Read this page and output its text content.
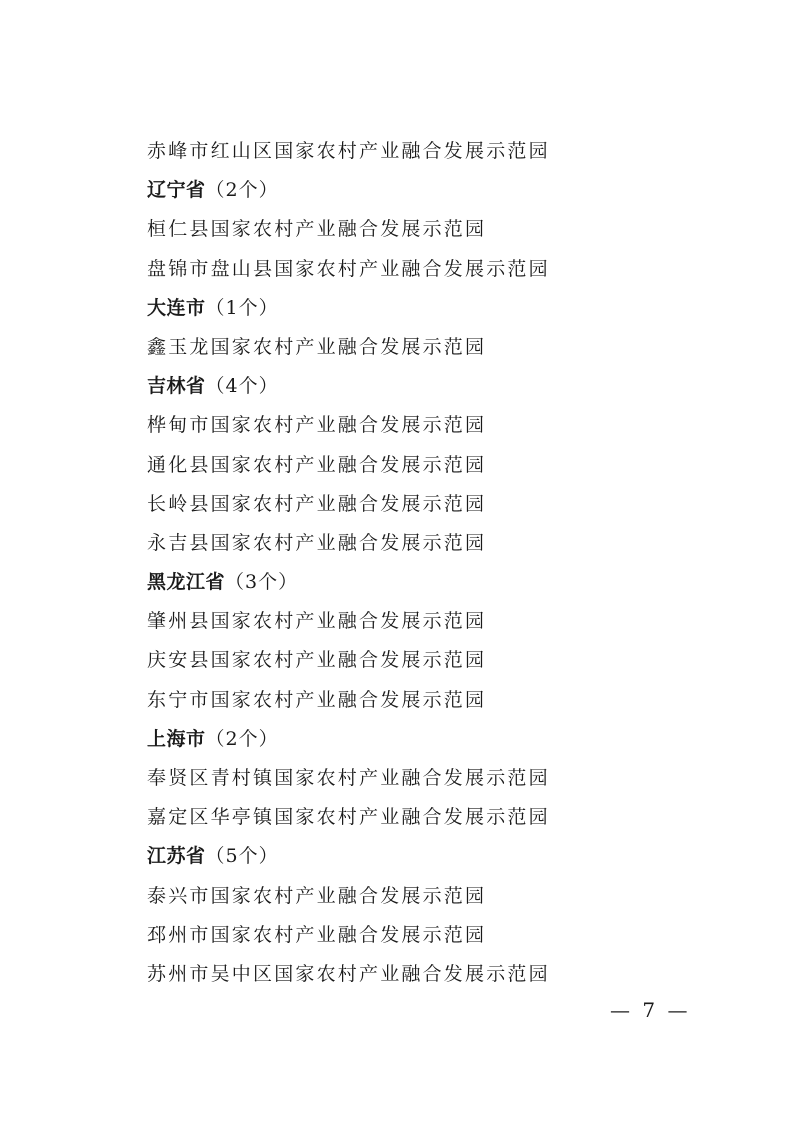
赤峰市红山区国家农村产业融合发展示范园
辽宁省（2个）
桓仁县国家农村产业融合发展示范园
盘锦市盘山县国家农村产业融合发展示范园
大连市（1个）
鑫玉龙国家农村产业融合发展示范园
吉林省（4个）
桦甸市国家农村产业融合发展示范园
通化县国家农村产业融合发展示范园
长岭县国家农村产业融合发展示范园
永吉县国家农村产业融合发展示范园
黑龙江省（3个）
肇州县国家农村产业融合发展示范园
庆安县国家农村产业融合发展示范园
东宁市国家农村产业融合发展示范园
上海市（2个）
奉贤区青村镇国家农村产业融合发展示范园
嘉定区华亭镇国家农村产业融合发展示范园
江苏省（5个）
泰兴市国家农村产业融合发展示范园
邳州市国家农村产业融合发展示范园
苏州市吴中区国家农村产业融合发展示范园
— 7 —
